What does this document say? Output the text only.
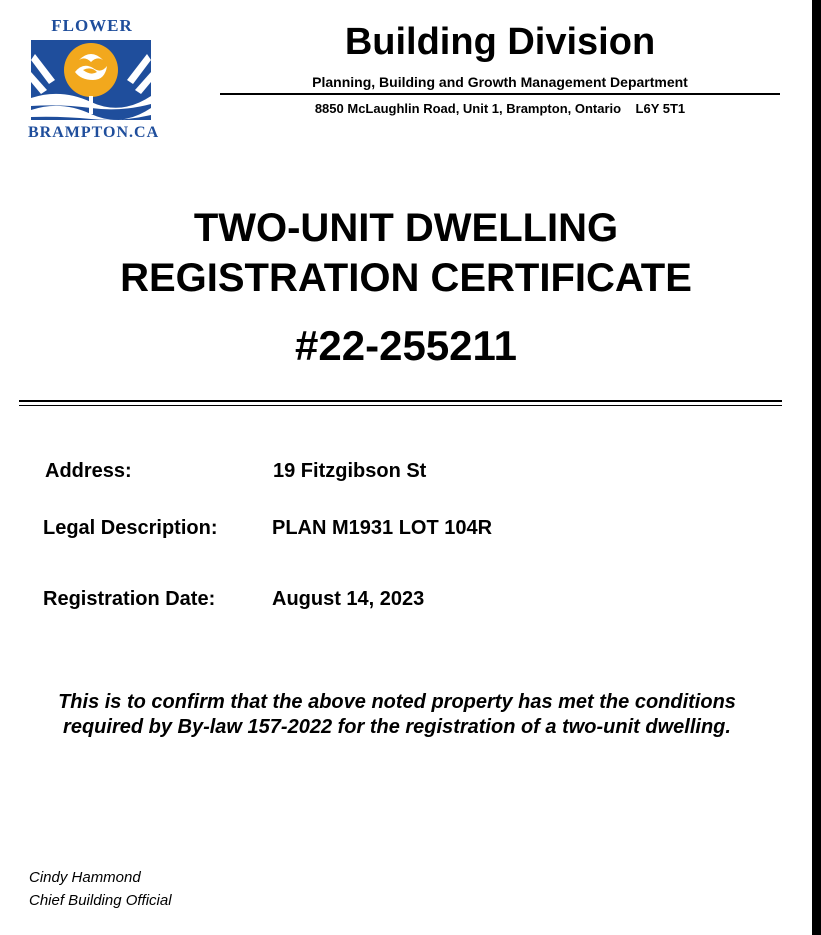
FLOWER
BRAMPTON.CA
Building Division
Planning, Building and Growth Management Department
8850 McLaughlin Road, Unit 1, Brampton, Ontario    L6Y 5T1
TWO-UNIT DWELLING
REGISTRATION CERTIFICATE
#22-255211
Address:	19 Fitzgibson St
Legal Description:	PLAN M1931 LOT 104R
Registration Date:	August 14, 2023
This is to confirm that the above noted property has met the conditions
required by By-law 157-2022 for the registration of a two-unit dwelling.
Cindy Hammond
Chief Building Official
